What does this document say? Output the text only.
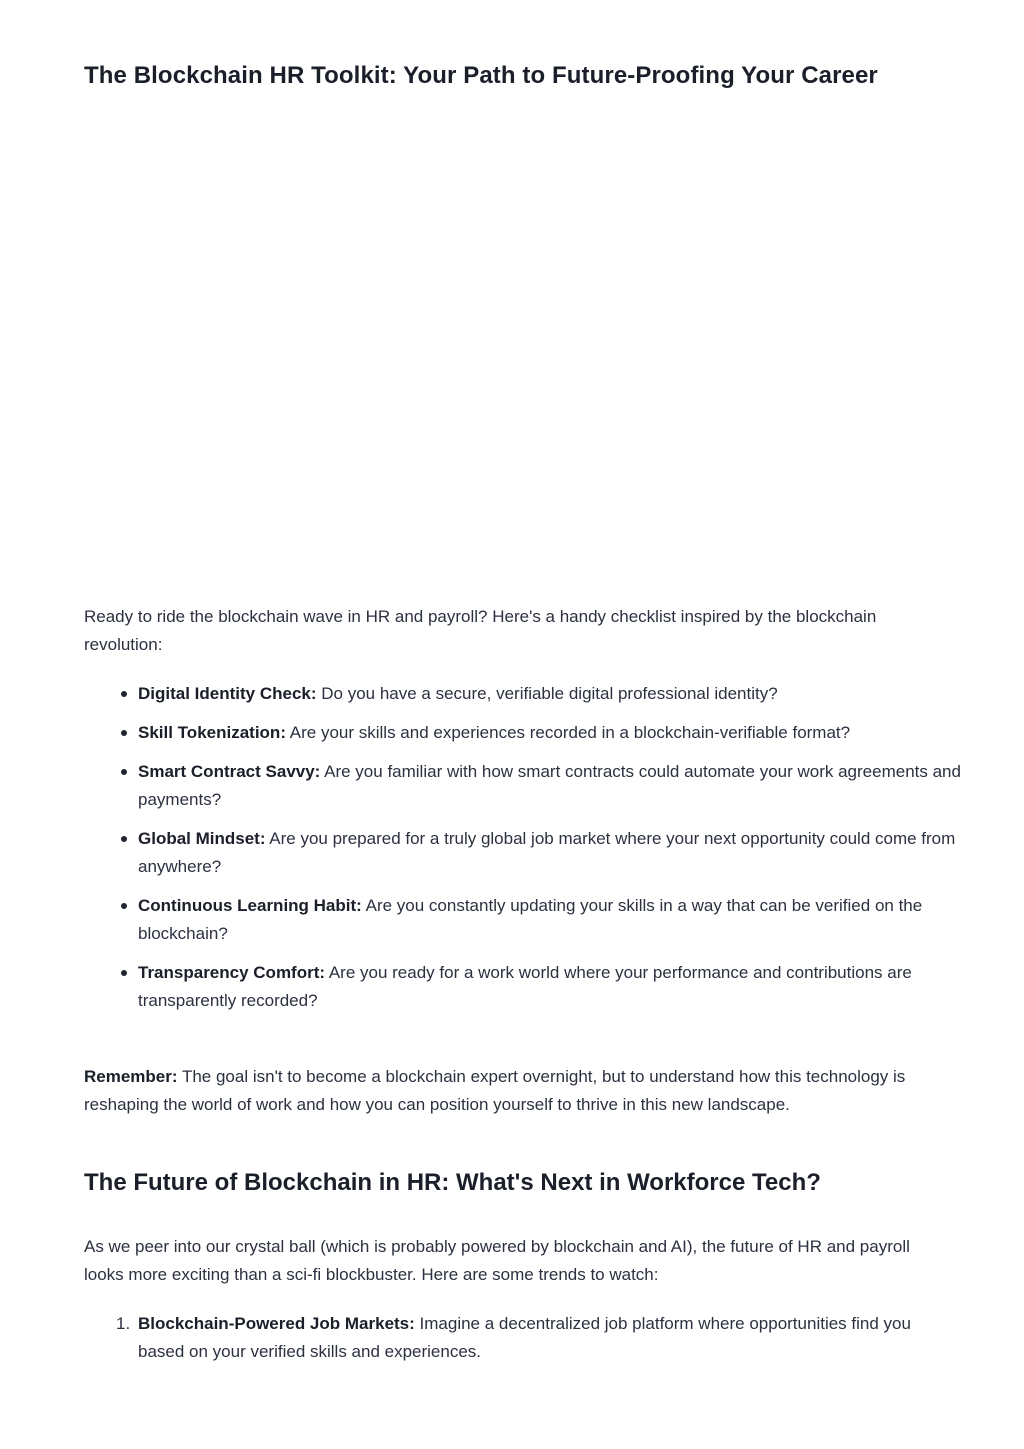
The Blockchain HR Toolkit: Your Path to Future-Proofing Your Career

Ready to ride the blockchain wave in HR and payroll? Here's a handy checklist inspired by the blockchain revolution:

Digital Identity Check: Do you have a secure, verifiable digital professional identity?
Skill Tokenization: Are your skills and experiences recorded in a blockchain-verifiable format?
Smart Contract Savvy: Are you familiar with how smart contracts could automate your work agreements and payments?
Global Mindset: Are you prepared for a truly global job market where your next opportunity could come from anywhere?
Continuous Learning Habit: Are you constantly updating your skills in a way that can be verified on the blockchain?
Transparency Comfort: Are you ready for a work world where your performance and contributions are transparently recorded?

Remember: The goal isn't to become a blockchain expert overnight, but to understand how this technology is reshaping the world of work and how you can position yourself to thrive in this new landscape.

The Future of Blockchain in HR: What's Next in Workforce Tech?

As we peer into our crystal ball (which is probably powered by blockchain and AI), the future of HR and payroll looks more exciting than a sci-fi blockbuster. Here are some trends to watch:

1. Blockchain-Powered Job Markets: Imagine a decentralized job platform where opportunities find you based on your verified skills and experiences.
